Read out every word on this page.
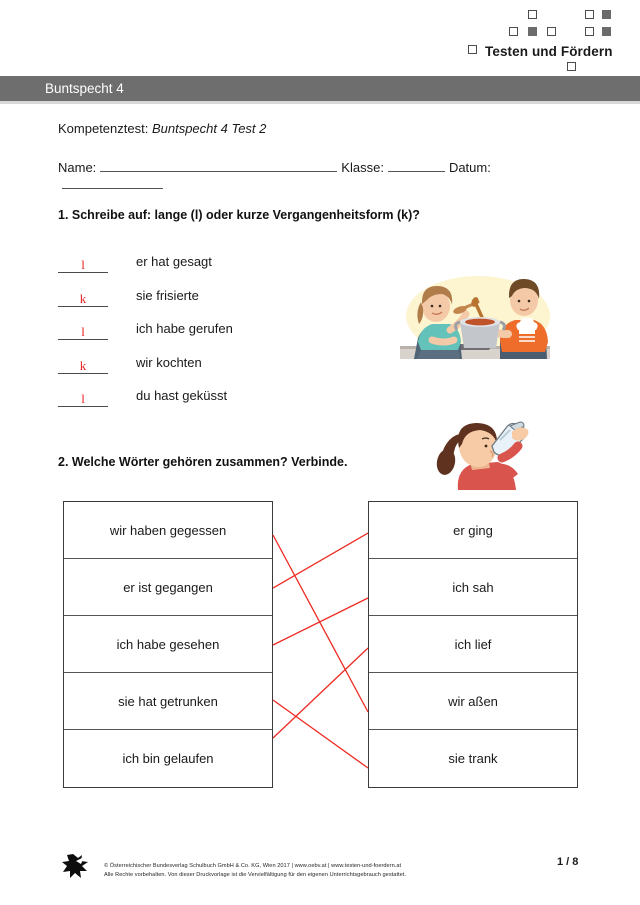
Testen und Fördern
Buntspecht 4
Kompetenztest: Buntspecht 4 Test 2
Name:	Klasse:	Datum:
1. Schreibe auf: lange (l) oder kurze Vergangenheitsform (k)?
l	er hat gesagt
k	sie frisierte
l	ich habe gerufen
k	wir kochten
l	du hast geküsst
2. Welche Wörter gehören zusammen? Verbinde.
wir haben gegessen
er ist gegangen
ich habe gesehen
sie hat getrunken
ich bin gelaufen
er ging
ich sah
ich lief
wir aßen
sie trank
© Österreichischer Bundesverlag Schulbuch GmbH & Co. KG, Wien 2017 | www.oebv.at | www.testen-und-foerdern.at
Alle Rechte vorbehalten. Von dieser Druckvorlage ist die Vervielfältigung für den eigenen Unterrichtsgebrauch gestattet.
1 / 8
